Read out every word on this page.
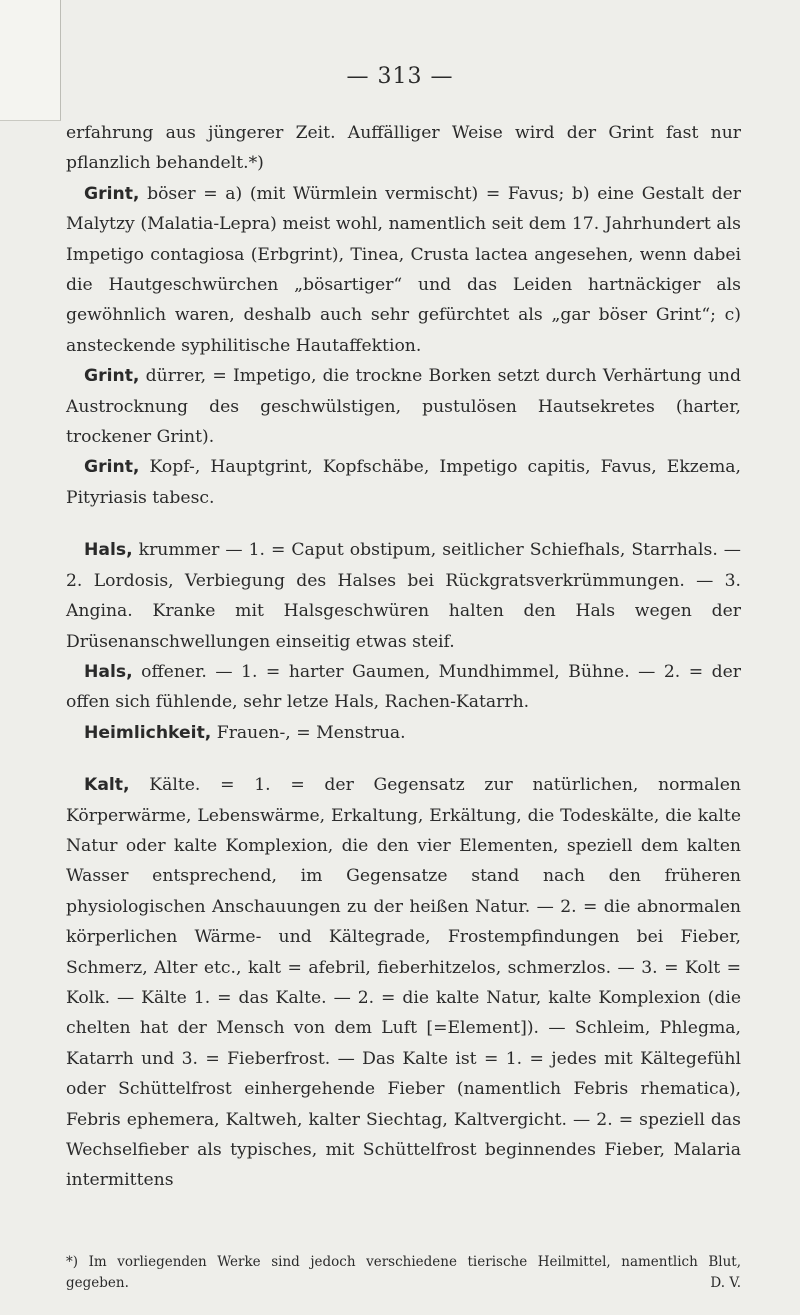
— 313 —

erfahrung aus jüngerer Zeit. Auffälliger Weise wird der Grint fast nur pflanzlich behandelt.*)

Grint, böser = a) (mit Würmlein vermischt) = Favus; b) eine Gestalt der Malytzy (Malatia-Lepra) meist wohl, namentlich seit dem 17. Jahrhundert als Impetigo contagiosa (Erbgrint), Tinea, Crusta lactea angesehen, wenn dabei die Hautgeschwürchen „bösartiger“ und das Leiden hartnäckiger als gewöhnlich waren, deshalb auch sehr gefürchtet als „gar böser Grint“; c) ansteckende syphilitische Hautaffektion.

Grint, dürrer, = Impetigo, die trockne Borken setzt durch Verhärtung und Austrocknung des geschwülstigen, pustulösen Hautsekretes (harter, trockener Grint).

Grint, Kopf-, Hauptgrint, Kopfschäbe, Impetigo capitis, Favus, Ekzema, Pityriasis tabesc.

Hals, krummer — 1. = Caput obstipum, seitlicher Schiefhals, Starrhals. — 2. Lordosis, Verbiegung des Halses bei Rückgratsverkrümmungen. — 3. Angina. Kranke mit Halsgeschwüren halten den Hals wegen der Drüsenanschwellungen einseitig etwas steif.

Hals, offener. — 1. = harter Gaumen, Mundhimmel, Bühne. — 2. = der offen sich fühlende, sehr letze Hals, Rachen-Katarrh.

Heimlichkeit, Frauen-, = Menstrua.

Kalt, Kälte. = 1. = der Gegensatz zur natürlichen, normalen Körperwärme, Lebenswärme, Erkaltung, Erkältung, die Todeskälte, die kalte Natur oder kalte Komplexion, die den vier Elementen, speziell dem kalten Wasser entsprechend, im Gegensatze stand nach den früheren physiologischen Anschauungen zu der heißen Natur. — 2. = die abnormalen körperlichen Wärme- und Kältegrade, Frostempfindungen bei Fieber, Schmerz, Alter etc., kalt = afebril, fieberhitzelos, schmerzlos. — 3. = Kolt = Kolk. — Kälte 1. = das Kalte. — 2. = die kalte Natur, kalte Komplexion (die chelten hat der Mensch von dem Luft [=Element]). — Schleim, Phlegma, Katarrh und 3. = Fieberfrost. — Das Kalte ist = 1. = jedes mit Kältegefühl oder Schüttelfrost einhergehende Fieber (namentlich Febris rhematica), Febris ephemera, Kaltweh, kalter Siechtag, Kaltvergicht. — 2. = speziell das Wechselfieber als typisches, mit Schüttelfrost beginnendes Fieber, Malaria intermittens

*) Im vorliegenden Werke sind jedoch verschiedene tierische Heilmittel, namentlich Blut, gegeben.	D. V.
